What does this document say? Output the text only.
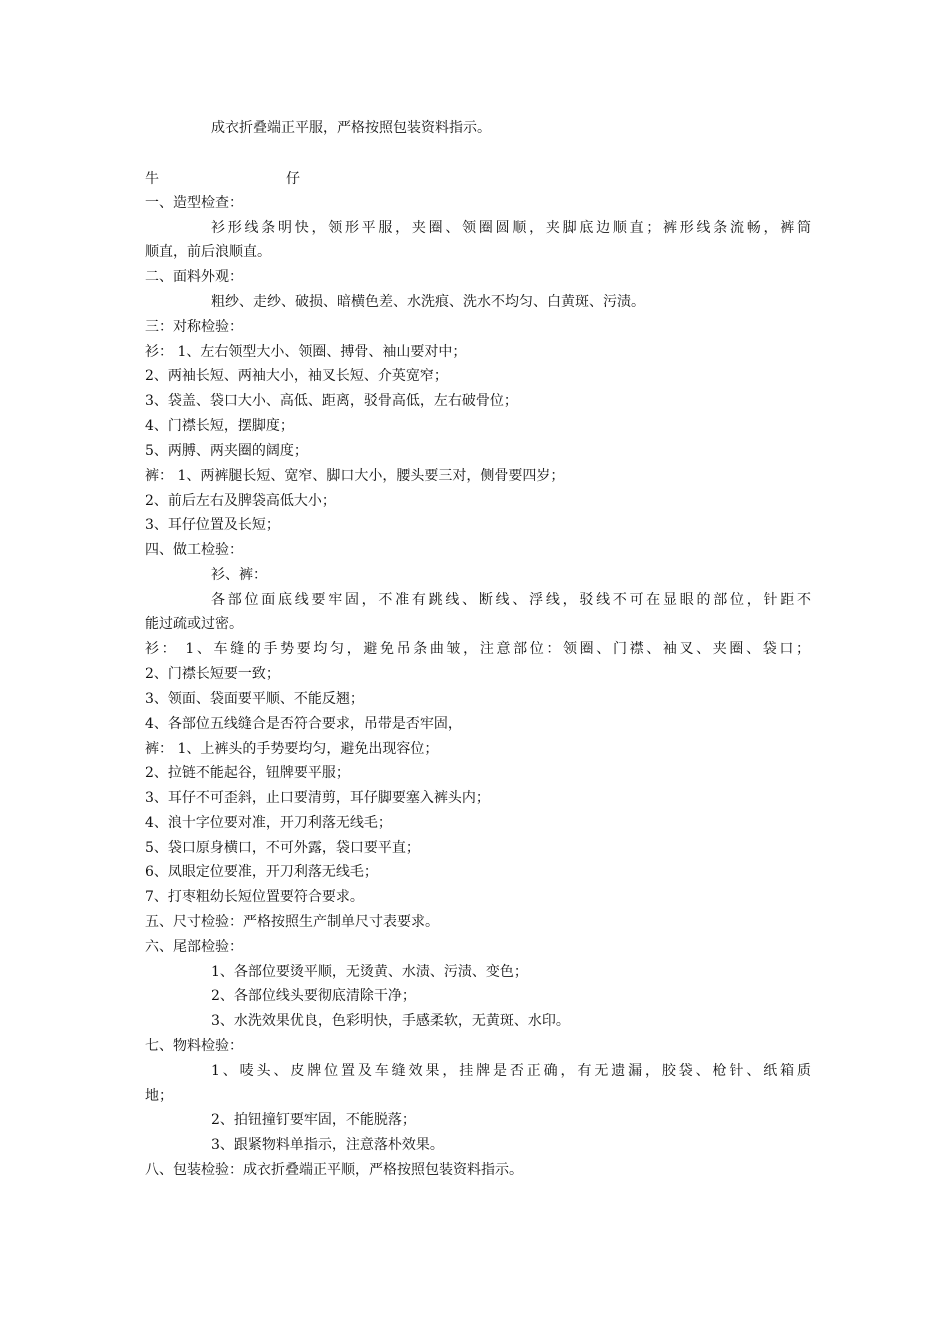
成衣折叠端正平服，严格按照包装资料指示。
牛	仔
一、造型检查：
衫形线条明快，领形平服，夹圈、领圈圆顺，夹脚底边顺直；裤形线条流畅，裤筒
顺直，前后浪顺直。
二、面料外观：
粗纱、走纱、破损、暗横色差、水洗痕、洗水不均匀、白黄斑、污渍。
三：对称检验：
衫： 1、左右领型大小、领圈、搏骨、袖山要对中；
2、两袖长短、两袖大小，袖叉长短、介英宽窄；
3、袋盖、袋口大小、高低、距离，驳骨高低，左右破骨位；
4、门襟长短，摆脚度；
5、两膊、两夹圈的阔度；
裤： 1、两裤腿长短、宽窄、脚口大小，腰头要三对，侧骨要四岁；
2、前后左右及脾袋高低大小；
3、耳仔位置及长短；
四、做工检验：
衫、裤：
各部位面底线要牢固，不准有跳线、断线、浮线，驳线不可在显眼的部位，针距不
能过疏或过密。
衫： 1、车缝的手势要均匀，避免吊条曲皱，注意部位：领圈、门襟、袖叉、夹圈、袋口；
2、门襟长短要一致；
3、领面、袋面要平顺、不能反翘；
4、各部位五线缝合是否符合要求，吊带是否牢固，
裤： 1、上裤头的手势要均匀，避免出现容位；
2、拉链不能起谷，钮牌要平服；
3、耳仔不可歪斜，止口要清剪，耳仔脚要塞入裤头内；
4、浪十字位要对准，开刀利落无线毛；
5、袋口原身横口，不可外露，袋口要平直；
6、凤眼定位要准，开刀利落无线毛；
7、打枣粗幼长短位置要符合要求。
五、尺寸检验：严格按照生产制单尺寸表要求。
六、尾部检验：
1、各部位要烫平顺，无烫黄、水渍、污渍、变色；
2、各部位线头要彻底清除干净；
3、水洗效果优良，色彩明快，手感柔软，无黄斑、水印。
七、物料检验：
1、唛头、皮牌位置及车缝效果，挂牌是否正确，有无遗漏，胶袋、枪针、纸箱质
地；
2、拍钮撞钉要牢固，不能脱落；
3、跟紧物料单指示，注意落朴效果。
八、包装检验：成衣折叠端正平顺，严格按照包装资料指示。
